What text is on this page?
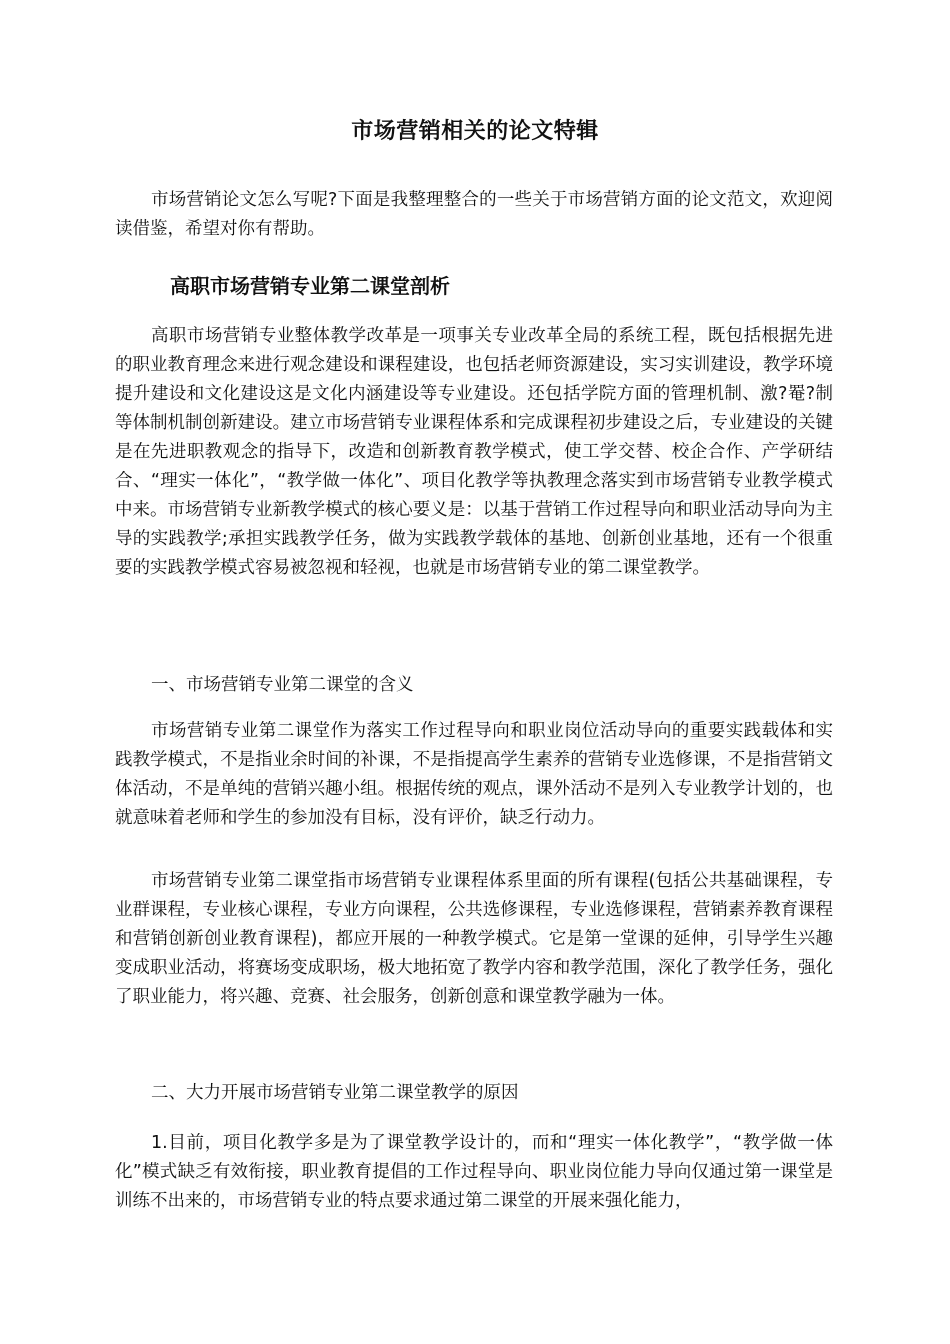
市场营销相关的论文特辑

市场营销论文怎么写呢?下面是我整理整合的一些关于市场营销方面的论文范文，欢迎阅读借鉴，希望对你有帮助。

高职市场营销专业第二课堂剖析

高职市场营销专业整体教学改革是一项事关专业改革全局的系统工程，既包括根据先进的职业教育理念来进行观念建设和课程建设，也包括老师资源建设，实习实训建设，教学环境提升建设和文化建设这是文化内涵建设等专业建设。还包括学院方面的管理机制、激?罨?制等体制机制创新建设。建立市场营销专业课程体系和完成课程初步建设之后，专业建设的关键是在先进职教观念的指导下，改造和创新教育教学模式，使工学交替、校企合作、产学研结合、“理实一体化”，“教学做一体化”、项目化教学等执教理念落实到市场营销专业教学模式中来。市场营销专业新教学模式的核心要义是：以基于营销工作过程导向和职业活动导向为主导的实践教学;承担实践教学任务，做为实践教学载体的基地、创新创业基地，还有一个很重要的实践教学模式容易被忽视和轻视，也就是市场营销专业的第二课堂教学。

一、市场营销专业第二课堂的含义

市场营销专业第二课堂作为落实工作过程导向和职业岗位活动导向的重要实践载体和实践教学模式，不是指业余时间的补课，不是指提高学生素养的营销专业选修课，不是指营销文体活动，不是单纯的营销兴趣小组。根据传统的观点，课外活动不是列入专业教学计划的，也就意味着老师和学生的参加没有目标，没有评价，缺乏行动力。

市场营销专业第二课堂指市场营销专业课程体系里面的所有课程(包括公共基础课程，专业群课程，专业核心课程，专业方向课程，公共选修课程，专业选修课程，营销素养教育课程和营销创新创业教育课程)，都应开展的一种教学模式。它是第一堂课的延伸，引导学生兴趣变成职业活动，将赛场变成职场，极大地拓宽了教学内容和教学范围，深化了教学任务，强化了职业能力，将兴趣、竞赛、社会服务，创新创意和课堂教学融为一体。

二、大力开展市场营销专业第二课堂教学的原因

1.目前，项目化教学多是为了课堂教学设计的，而和“理实一体化教学”，“教学做一体化”模式缺乏有效衔接，职业教育提倡的工作过程导向、职业岗位能力导向仅通过第一课堂是训练不出来的，市场营销专业的特点要求通过第二课堂的开展来强化能力，
